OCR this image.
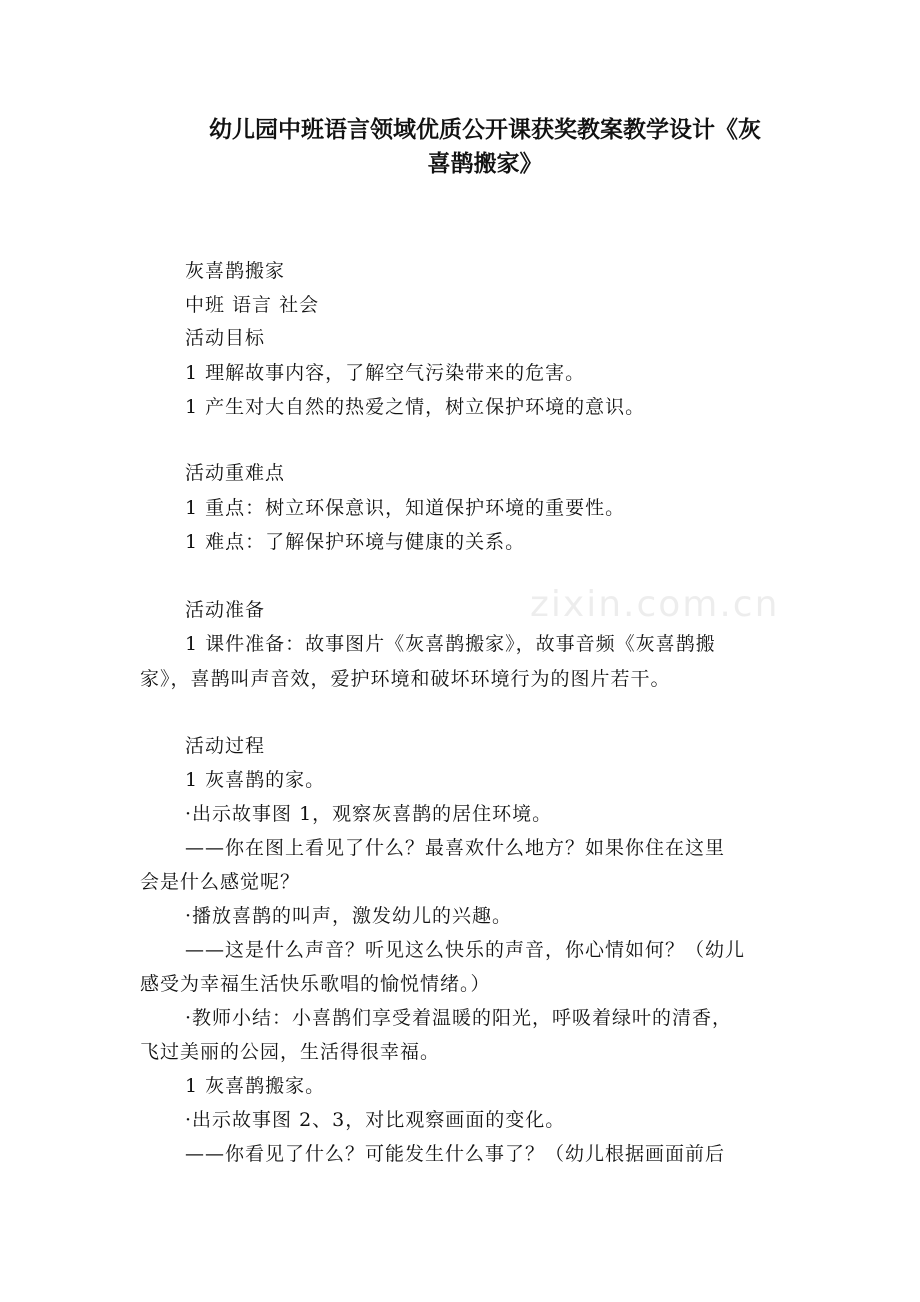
幼儿园中班语言领域优质公开课获奖教案教学设计《灰
喜鹊搬家》
zixin.com.cn
灰喜鹊搬家
中班 语言 社会
活动目标
1 理解故事内容，了解空气污染带来的危害。
1 产生对大自然的热爱之情，树立保护环境的意识。
活动重难点
1 重点：树立环保意识，知道保护环境的重要性。
1 难点：了解保护环境与健康的关系。
活动准备
1 课件准备：故事图片《灰喜鹊搬家》，故事音频《灰喜鹊搬
家》，喜鹊叫声音效，爱护环境和破坏环境行为的图片若干。
活动过程
1 灰喜鹊的家。
·出示故事图 1，观察灰喜鹊的居住环境。
——你在图上看见了什么？最喜欢什么地方？如果你住在这里
会是什么感觉呢？
·播放喜鹊的叫声，激发幼儿的兴趣。
——这是什么声音？听见这么快乐的声音，你心情如何？（幼儿
感受为幸福生活快乐歌唱的愉悦情绪。）
·教师小结：小喜鹊们享受着温暖的阳光，呼吸着绿叶的清香，
飞过美丽的公园，生活得很幸福。
1 灰喜鹊搬家。
·出示故事图 2、3，对比观察画面的变化。
——你看见了什么？可能发生什么事了？（幼儿根据画面前后
